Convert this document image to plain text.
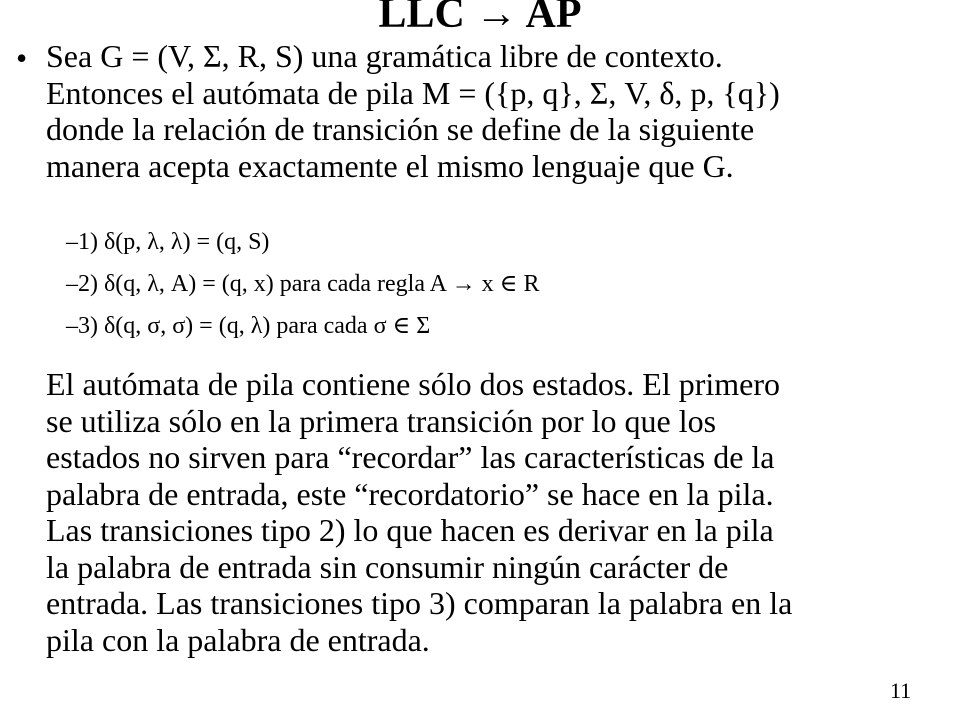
LLC → AP
• Sea G = (V, Σ, R, S) una gramática libre de contexto.
Entonces el autómata de pila M = ({p, q}, Σ, V, δ, p, {q})
donde la relación de transición se define de la siguiente
manera acepta exactamente el mismo lenguaje que G.
–1) δ(p, λ, λ) = (q, S)
–2) δ(q, λ, A) = (q, x) para cada regla A → x ∈ R
–3) δ(q, σ, σ) = (q, λ) para cada σ ∈ Σ
El autómata de pila contiene sólo dos estados. El primero
se utiliza sólo en la primera transición por lo que los
estados no sirven para “recordar” las características de la
palabra de entrada, este “recordatorio” se hace en la pila.
Las transiciones tipo 2) lo que hacen es derivar en la pila
la palabra de entrada sin consumir ningún carácter de
entrada. Las transiciones tipo 3) comparan la palabra en la
pila con la palabra de entrada.
11
